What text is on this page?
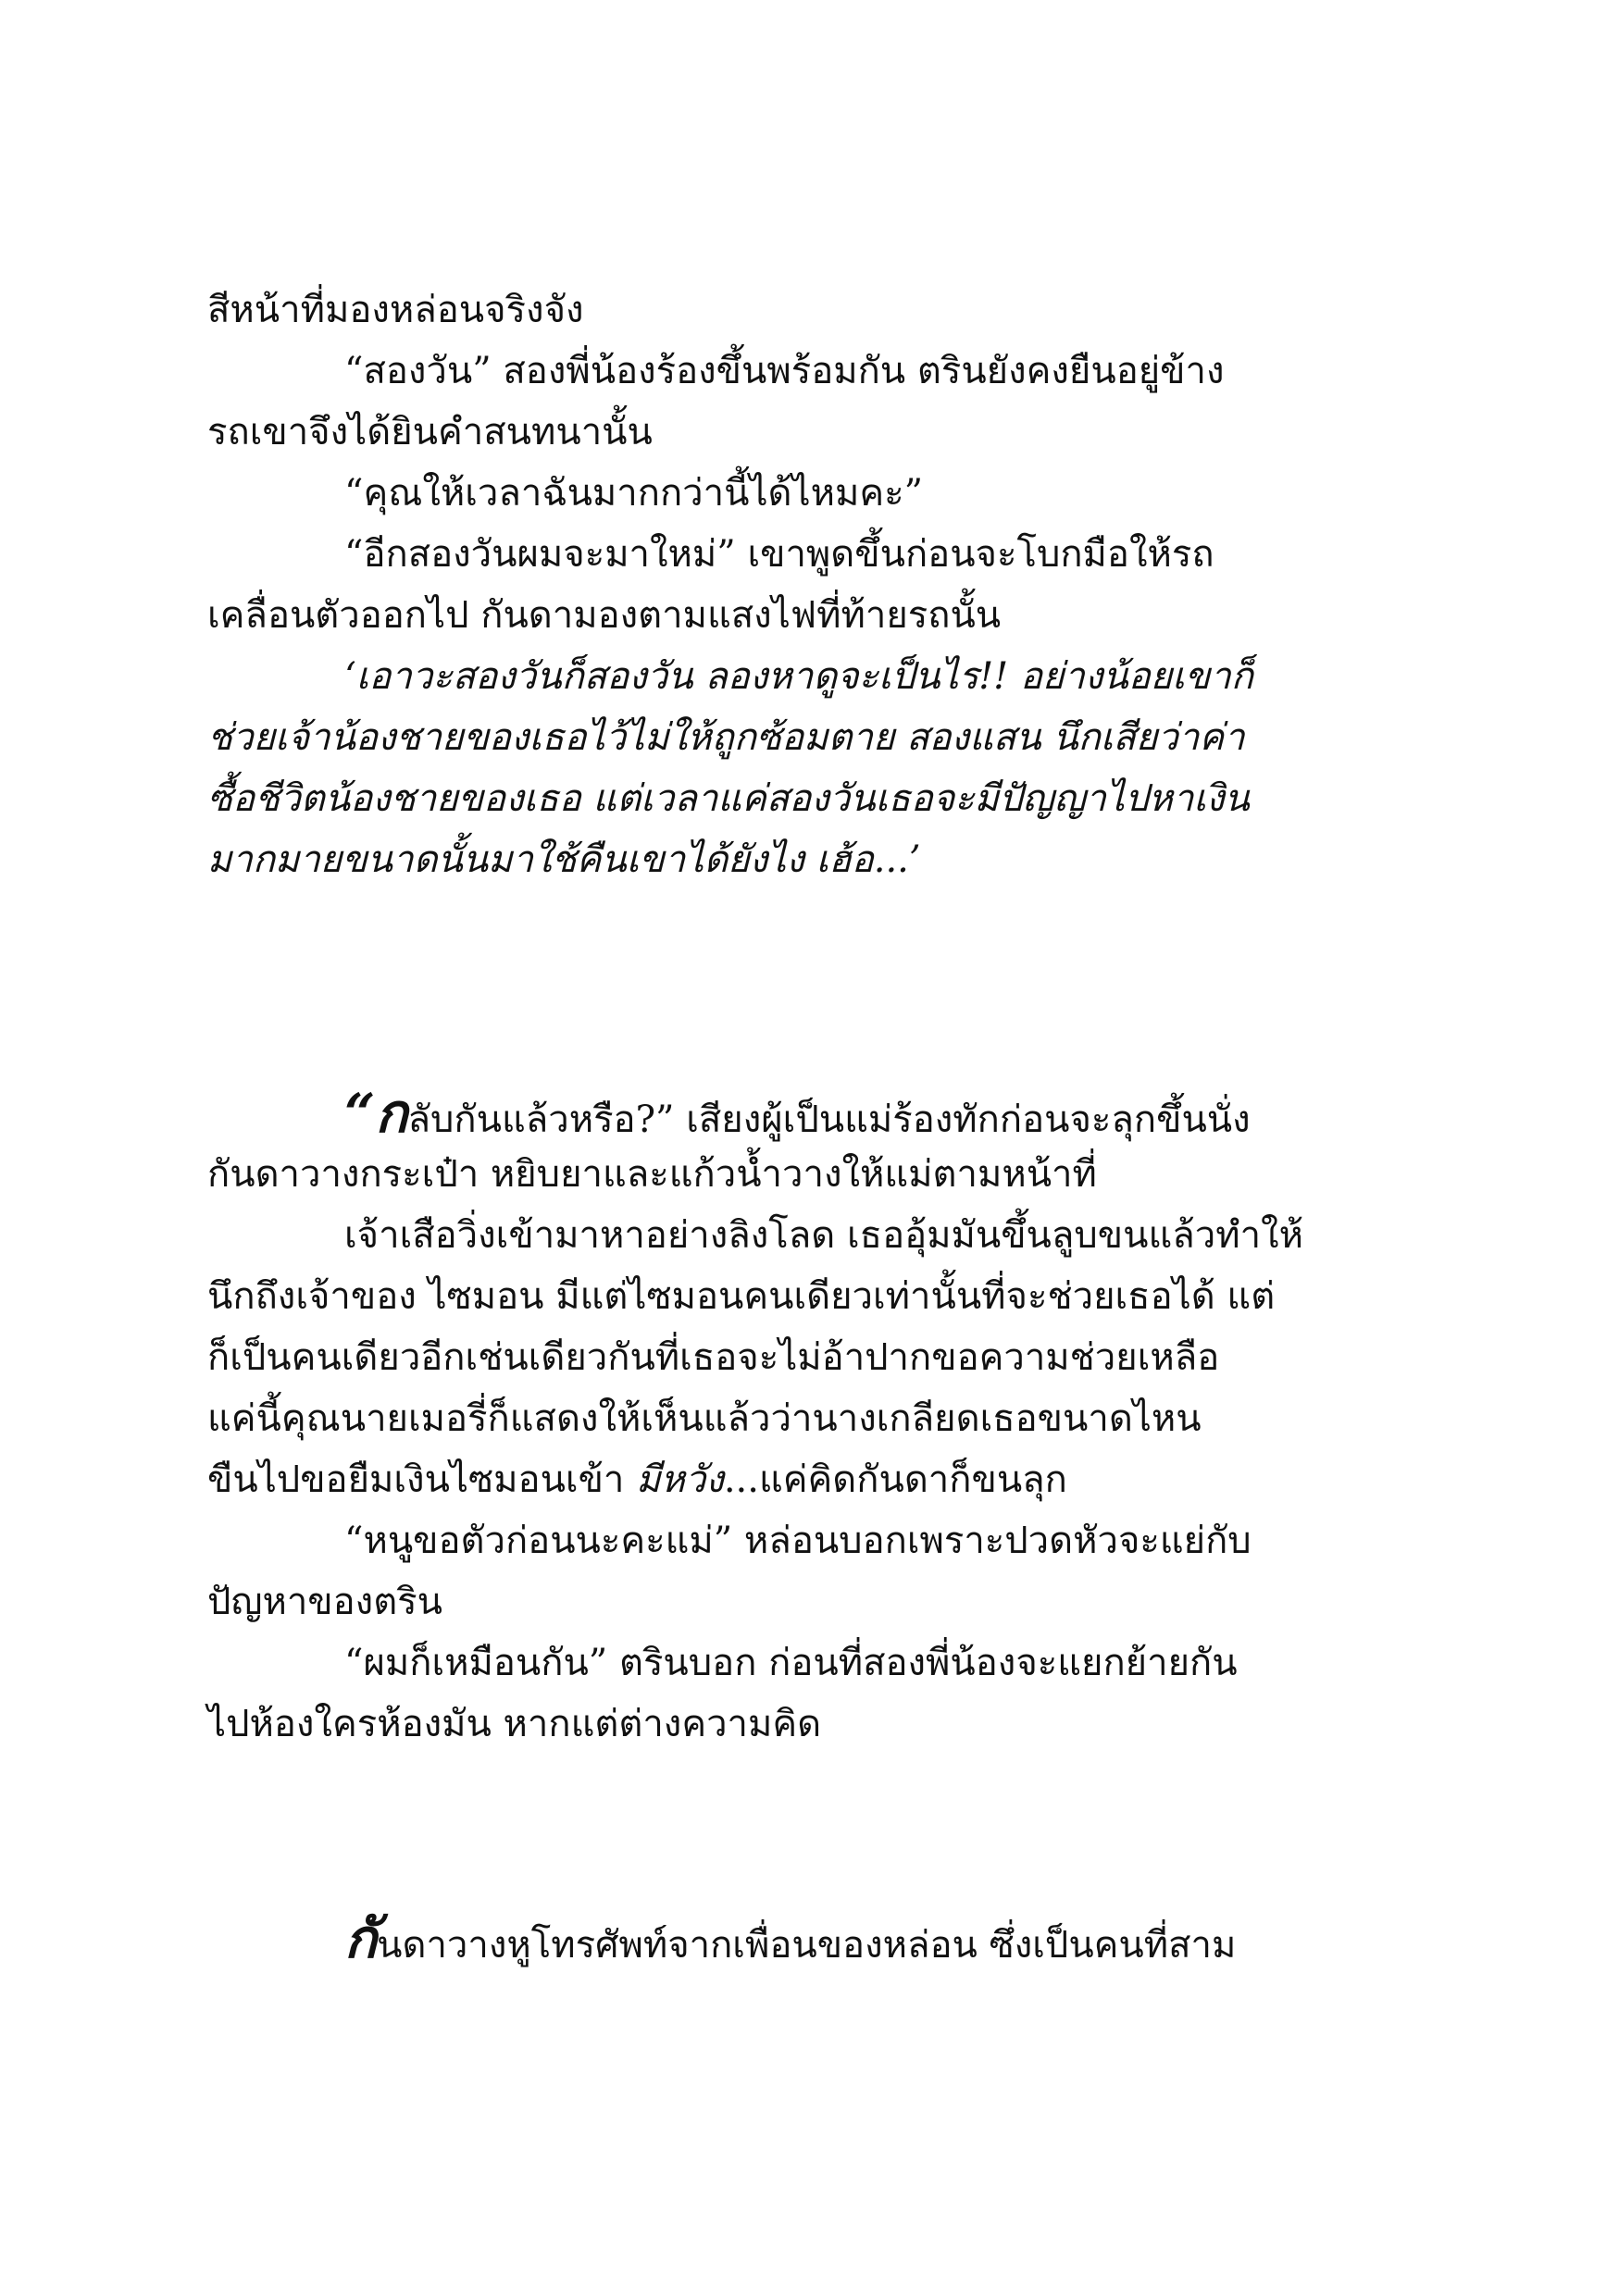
สีหน้าที่มองหล่อนจริงจัง
“สองวัน” สองพี่น้องร้องขึ้นพร้อมกัน ตรินยังคงยืนอยู่ข้าง
รถเขาจึงได้ยินคำสนทนานั้น
“คุณให้เวลาฉันมากกว่านี้ได้ไหมคะ”
“อีกสองวันผมจะมาใหม่” เขาพูดขึ้นก่อนจะโบกมือให้รถ
เคลื่อนตัวออกไป กันดามองตามแสงไฟที่ท้ายรถนั้น
‘เอาวะสองวันก็สองวัน ลองหาดูจะเป็นไร!! อย่างน้อยเขาก็
ช่วยเจ้าน้องชายของเธอไว้ไม่ให้ถูกซ้อมตาย สองแสน นึกเสียว่าค่า
ซื้อชีวิตน้องชายของเธอ แต่เวลาแค่สองวันเธอจะมีปัญญาไปหาเงิน
มากมายขนาดนั้นมาใช้คืนเขาได้ยังไง เฮ้อ...’
“กลับกันแล้วหรือ?” เสียงผู้เป็นแม่ร้องทักก่อนจะลุกขึ้นนั่ง
กันดาวางกระเป๋า หยิบยาและแก้วน้ำวางให้แม่ตามหน้าที่
เจ้าเสือวิ่งเข้ามาหาอย่างลิงโลด เธออุ้มมันขึ้นลูบขนแล้วทำให้
นึกถึงเจ้าของ ไซมอน มีแต่ไซมอนคนเดียวเท่านั้นที่จะช่วยเธอได้ แต่
ก็เป็นคนเดียวอีกเช่นเดียวกันที่เธอจะไม่อ้าปากขอความช่วยเหลือ
แค่นี้คุณนายเมอรี่ก็แสดงให้เห็นแล้วว่านางเกลียดเธอขนาดไหน
ขืนไปขอยืมเงินไซมอนเข้า มีหวัง...แค่คิดกันดาก็ขนลุก
“หนูขอตัวก่อนนะคะแม่” หล่อนบอกเพราะปวดหัวจะแย่กับ
ปัญหาของตริน
“ผมก็เหมือนกัน” ตรินบอก ก่อนที่สองพี่น้องจะแยกย้ายกัน
ไปห้องใครห้องมัน หากแต่ต่างความคิด
กันดาวางหูโทรศัพท์จากเพื่อนของหล่อน ซึ่งเป็นคนที่สาม
